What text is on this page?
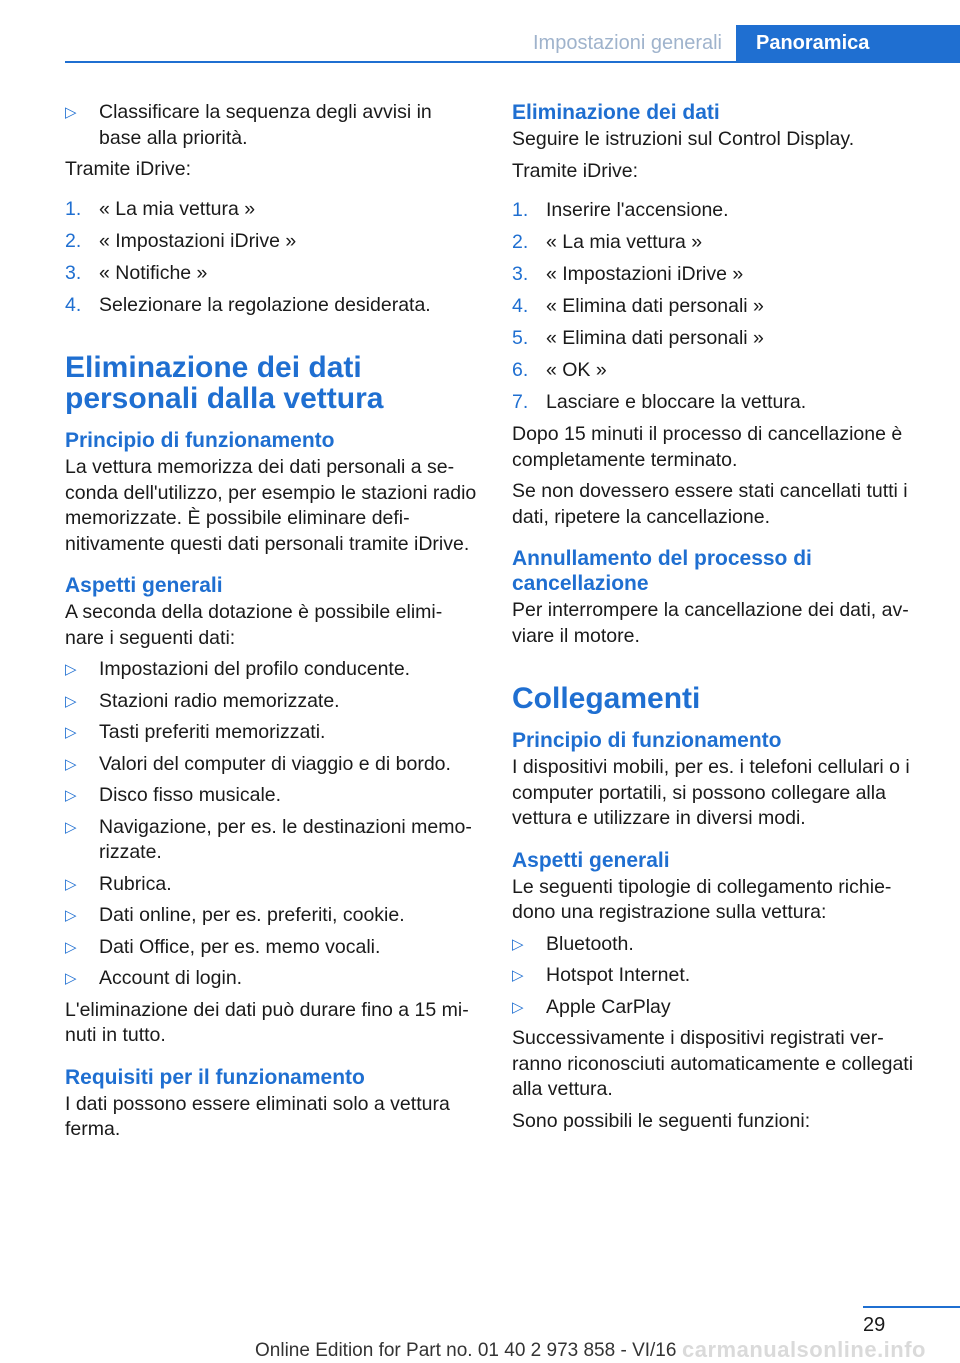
Impostazioni generali	Panoramica
▷ Classificare la sequenza degli avvisi in base alla priorità.

Tramite iDrive:

1. « La mia vettura »
2. « Impostazioni iDrive »
3. « Notifiche »
4. Selezionare la regolazione desiderata.
Eliminazione dei dati personali dalla vettura
Principio di funzionamento

La vettura memorizza dei dati personali a se-conda dell'utilizzo, per esempio le stazioni radio memorizzate. È possibile eliminare defi-nitivamente questi dati personali tramite iDrive.

Aspetti generali

A seconda della dotazione è possibile elimi-nare i seguenti dati:

▷ Impostazioni del profilo conducente.
▷ Stazioni radio memorizzate.
▷ Tasti preferiti memorizzati.
▷ Valori del computer di viaggio e di bordo.
▷ Disco fisso musicale.
▷ Navigazione, per es. le destinazioni memo-rizzate.
▷ Rubrica.
▷ Dati online, per es. preferiti, cookie.
▷ Dati Office, per es. memo vocali.
▷ Account di login.

L'eliminazione dei dati può durare fino a 15 mi-nuti in tutto.

Requisiti per il funzionamento

I dati possono essere eliminati solo a vettura ferma.

Eliminazione dei dati

Seguire le istruzioni sul Control Display.

Tramite iDrive:

1. Inserire l'accensione.
2. « La mia vettura »
3. « Impostazioni iDrive »
4. « Elimina dati personali »
5. « Elimina dati personali »
6. « OK »
7. Lasciare e bloccare la vettura.

Dopo 15 minuti il processo di cancellazione è completamente terminato.

Se non dovessero essere stati cancellati tutti i dati, ripetere la cancellazione.

Annullamento del processo di cancellazione

Per interrompere la cancellazione dei dati, av-viare il motore.

Collegamenti
Principio di funzionamento

I dispositivi mobili, per es. i telefoni cellulari o i computer portatili, si possono collegare alla vettura e utilizzare in diversi modi.

Aspetti generali

Le seguenti tipologie di collegamento richie-dono una registrazione sulla vettura:

▷ Bluetooth.
▷ Hotspot Internet.
▷ Apple CarPlay

Successivamente i dispositivi registrati ver-ranno riconosciuti automaticamente e collegati alla vettura.

Sono possibili le seguenti funzioni:

29
Online Edition for Part no. 01 40 2 973 858 - VI/16 carmanualsonline.info
